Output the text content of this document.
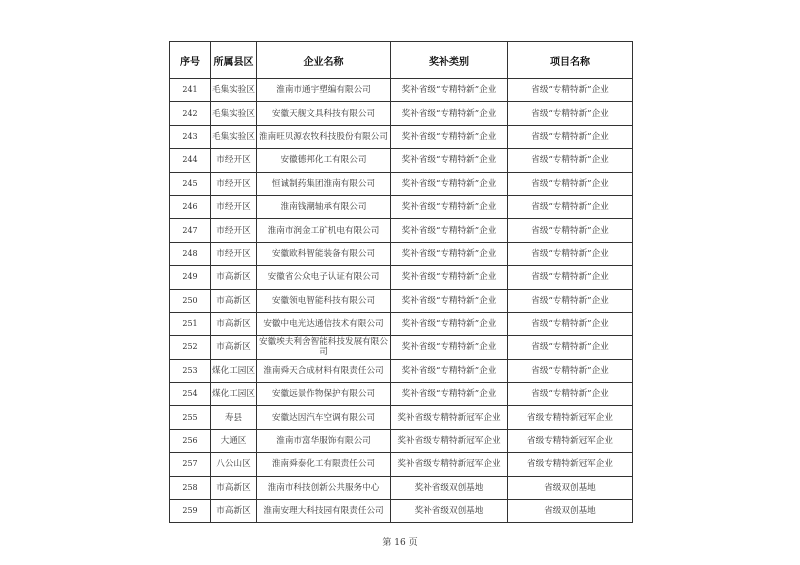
序号	所属县区	企业名称	奖补类别	项目名称
241	毛集实验区	淮南市通宇塑编有限公司	奖补省级“专精特新”企业	省级“专精特新”企业
242	毛集实验区	安徽天舰文具科技有限公司	奖补省级“专精特新”企业	省级“专精特新”企业
243	毛集实验区	淮南旺贝源农牧科技股份有限公司	奖补省级“专精特新”企业	省级“专精特新”企业
244	市经开区	安徽德邦化工有限公司	奖补省级“专精特新”企业	省级“专精特新”企业
245	市经开区	恒诚制药集团淮南有限公司	奖补省级“专精特新”企业	省级“专精特新”企业
246	市经开区	淮南钱潮轴承有限公司	奖补省级“专精特新”企业	省级“专精特新”企业
247	市经开区	淮南市润金工矿机电有限公司	奖补省级“专精特新”企业	省级“专精特新”企业
248	市经开区	安徽欧科智能装备有限公司	奖补省级“专精特新”企业	省级“专精特新”企业
249	市高新区	安徽省公众电子认证有限公司	奖补省级“专精特新”企业	省级“专精特新”企业
250	市高新区	安徽领电智能科技有限公司	奖补省级“专精特新”企业	省级“专精特新”企业
251	市高新区	安徽中电光达通信技术有限公司	奖补省级“专精特新”企业	省级“专精特新”企业
252	市高新区	安徽埃夫利舍智能科技发展有限公司	奖补省级“专精特新”企业	省级“专精特新”企业
253	煤化工园区	淮南舜天合成材料有限责任公司	奖补省级“专精特新”企业	省级“专精特新”企业
254	煤化工园区	安徽远景作物保护有限公司	奖补省级“专精特新”企业	省级“专精特新”企业
255	寿县	安徽达因汽车空调有限公司	奖补省级专精特新冠军企业	省级专精特新冠军企业
256	大通区	淮南市富华服饰有限公司	奖补省级专精特新冠军企业	省级专精特新冠军企业
257	八公山区	淮南舜泰化工有限责任公司	奖补省级专精特新冠军企业	省级专精特新冠军企业
258	市高新区	淮南市科技创新公共服务中心	奖补省级双创基地	省级双创基地
259	市高新区	淮南安理大科技园有限责任公司	奖补省级双创基地	省级双创基地
第 16 页
